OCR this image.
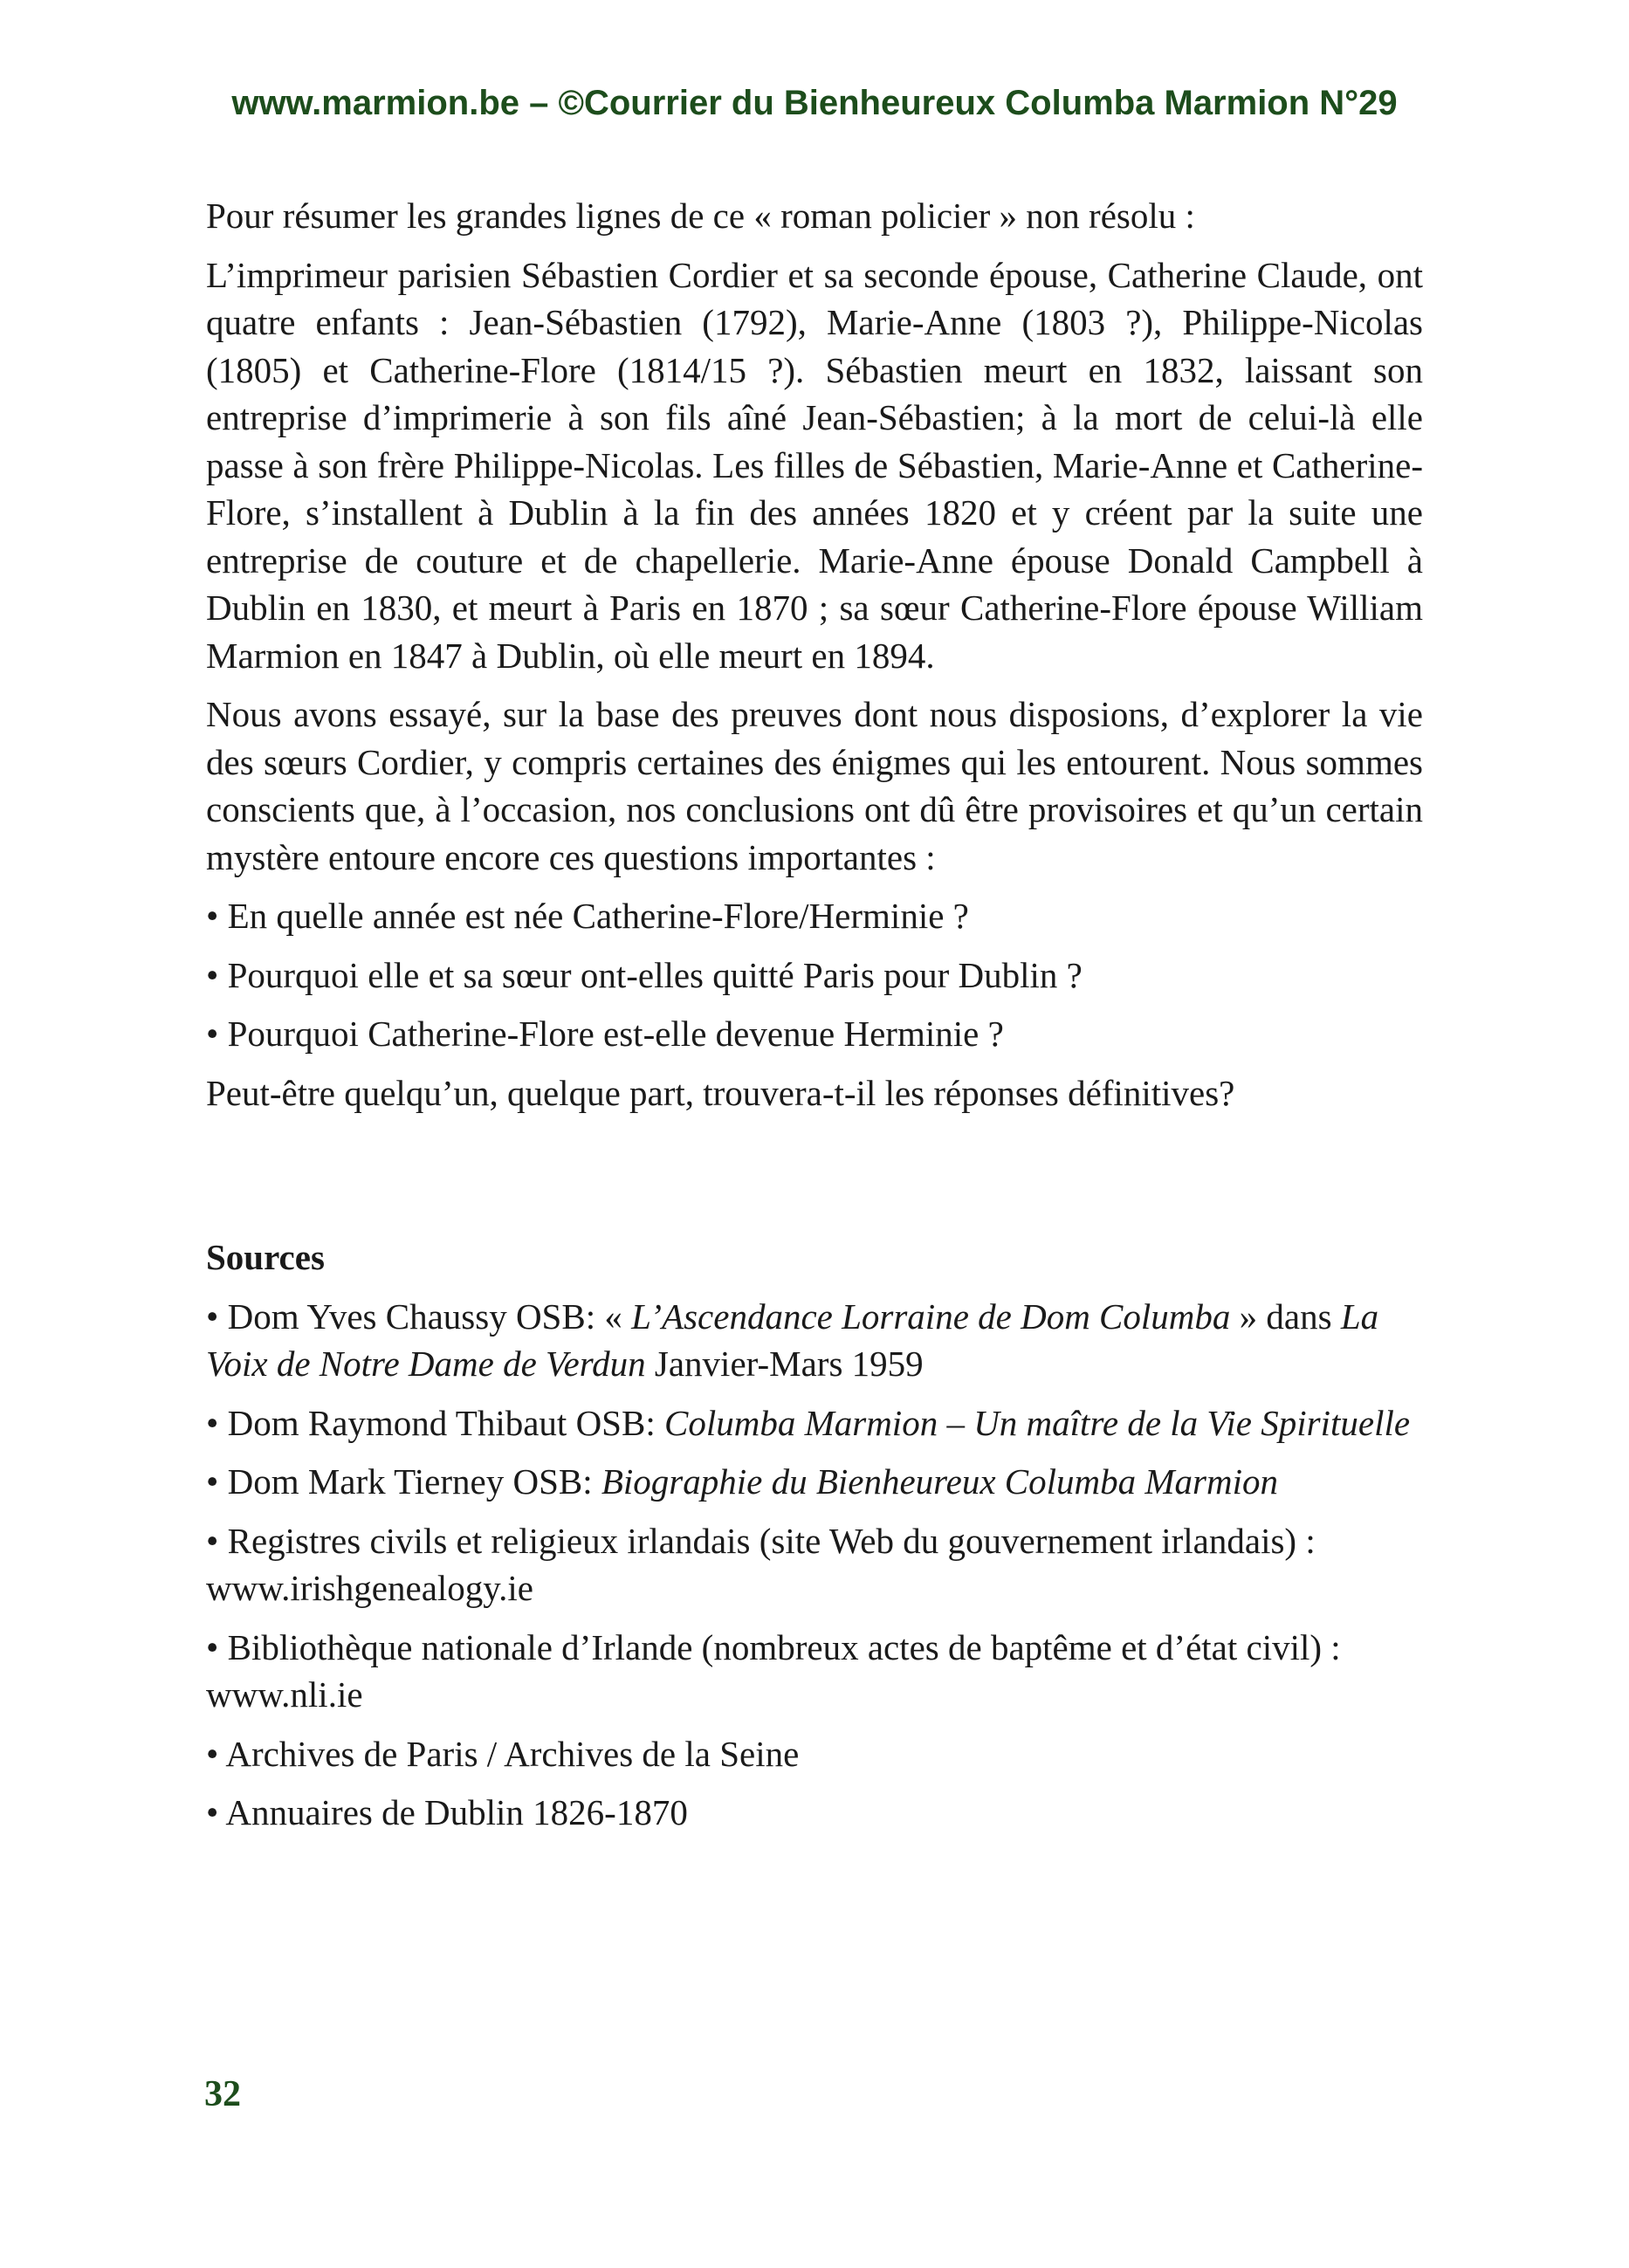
www.marmion.be – ©Courrier du Bienheureux Columba Marmion N°29

Pour résumer les grandes lignes de ce « roman policier » non résolu :

L’imprimeur parisien Sébastien Cordier et sa seconde épouse, Catherine Claude, ont quatre enfants : Jean-Sébastien (1792), Marie-Anne (1803 ?), Philippe-Nicolas (1805) et Catherine-Flore (1814/15 ?). Sébastien meurt en 1832, laissant son entreprise d’imprimerie à son fils aîné Jean-Sébastien; à la mort de celui-là elle passe à son frère Philippe-Nicolas. Les filles de Sébastien, Marie-Anne et Catherine-Flore, s’installent à Dublin à la fin des années 1820 et y créent par la suite une entreprise de couture et de chapellerie. Marie-Anne épouse Donald Campbell à Dublin en 1830, et meurt à Paris en 1870 ; sa sœur Catherine-Flore épouse William Marmion en 1847 à Dublin, où elle meurt en 1894.

Nous avons essayé, sur la base des preuves dont nous disposions, d’explorer la vie des sœurs Cordier, y compris certaines des énigmes qui les entourent. Nous sommes conscients que, à l’occasion, nos conclusions ont dû être provisoires et qu’un certain mystère entoure encore ces questions importantes :

• En quelle année est née Catherine-Flore/Herminie ?

• Pourquoi elle et sa sœur ont-elles quitté Paris pour Dublin ?

• Pourquoi Catherine-Flore est-elle devenue Herminie ?

Peut-être quelqu’un, quelque part, trouvera-t-il les réponses définitives?

Sources

• Dom Yves Chaussy OSB: « L’Ascendance Lorraine de Dom Columba » dans La Voix de Notre Dame de Verdun Janvier-Mars 1959

• Dom Raymond Thibaut OSB: Columba Marmion – Un maître de la Vie Spirituelle

• Dom Mark Tierney OSB: Biographie du Bienheureux Columba Marmion

• Registres civils et religieux irlandais (site Web du gouvernement irlandais) : www.irishgenealogy.ie

• Bibliothèque nationale d’Irlande (nombreux actes de baptême et d’état civil) : www.nli.ie

• Archives de Paris / Archives de la Seine

• Annuaires de Dublin 1826-1870

32
